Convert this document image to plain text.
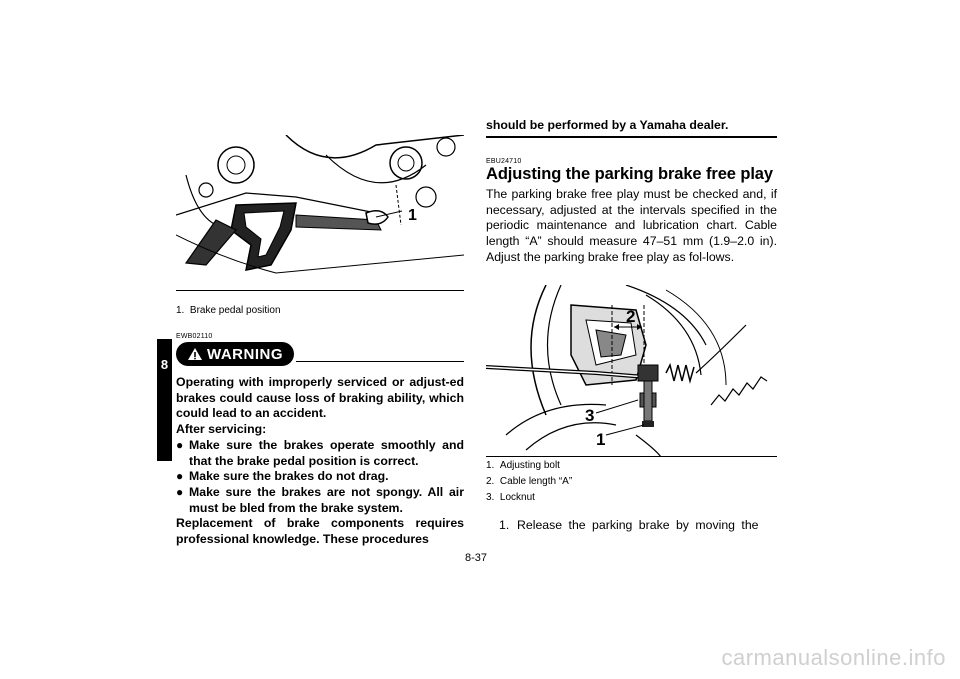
8
1
1. Brake pedal position
EWB02110
WARNING
Operating with improperly serviced or adjust-ed brakes could cause loss of braking ability, which could lead to an accident.
After servicing:
● Make sure the brakes operate smoothly and that the brake pedal position is correct.
● Make sure the brakes do not drag.
● Make sure the brakes are not spongy. All air must be bled from the brake system.
Replacement of brake components requires professional knowledge. These procedures
should be performed by a Yamaha dealer.
EBU24710
Adjusting the parking brake free play
The parking brake free play must be checked and, if necessary, adjusted at the intervals specified in the periodic maintenance and lubrication chart. Cable length “A” should measure 47–51 mm (1.9–2.0 in). Adjust the parking brake free play as fol-lows.
2
3
1
1. Adjusting bolt
2. Cable length “A”
3. Locknut
1. Release the parking brake by moving the
8-37
carmanualsonline.info
